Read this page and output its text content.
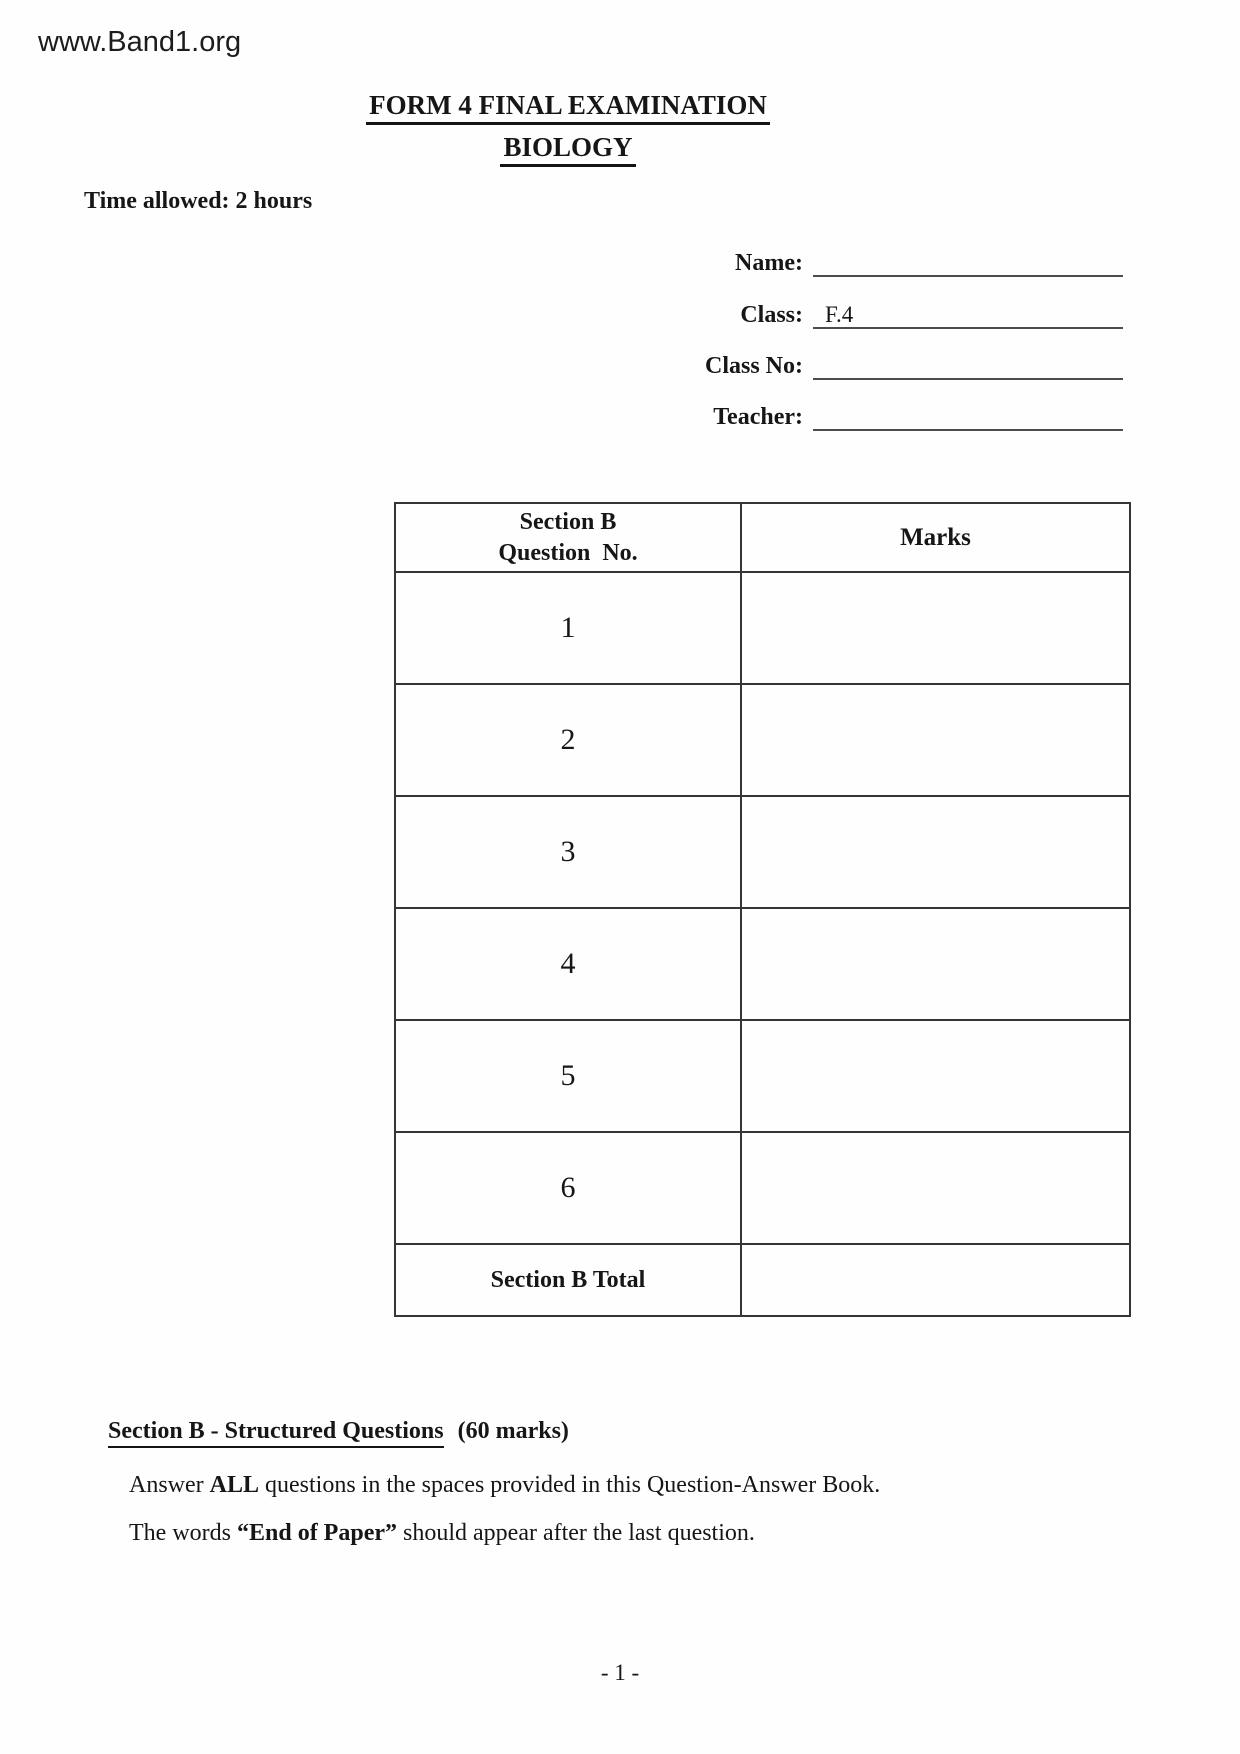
www.Band1.org
FORM 4 FINAL EXAMINATION
BIOLOGY
Time allowed: 2 hours
Name:
Class: F.4
Class No:
Teacher:
Section B
Question  No.
Marks
1
2
3
4
5
6
Section B Total

Section B - Structured Questions (60 marks)

Answer ALL questions in the spaces provided in this Question-Answer Book.

The words “End of Paper” should appear after the last question.

- 1 -
